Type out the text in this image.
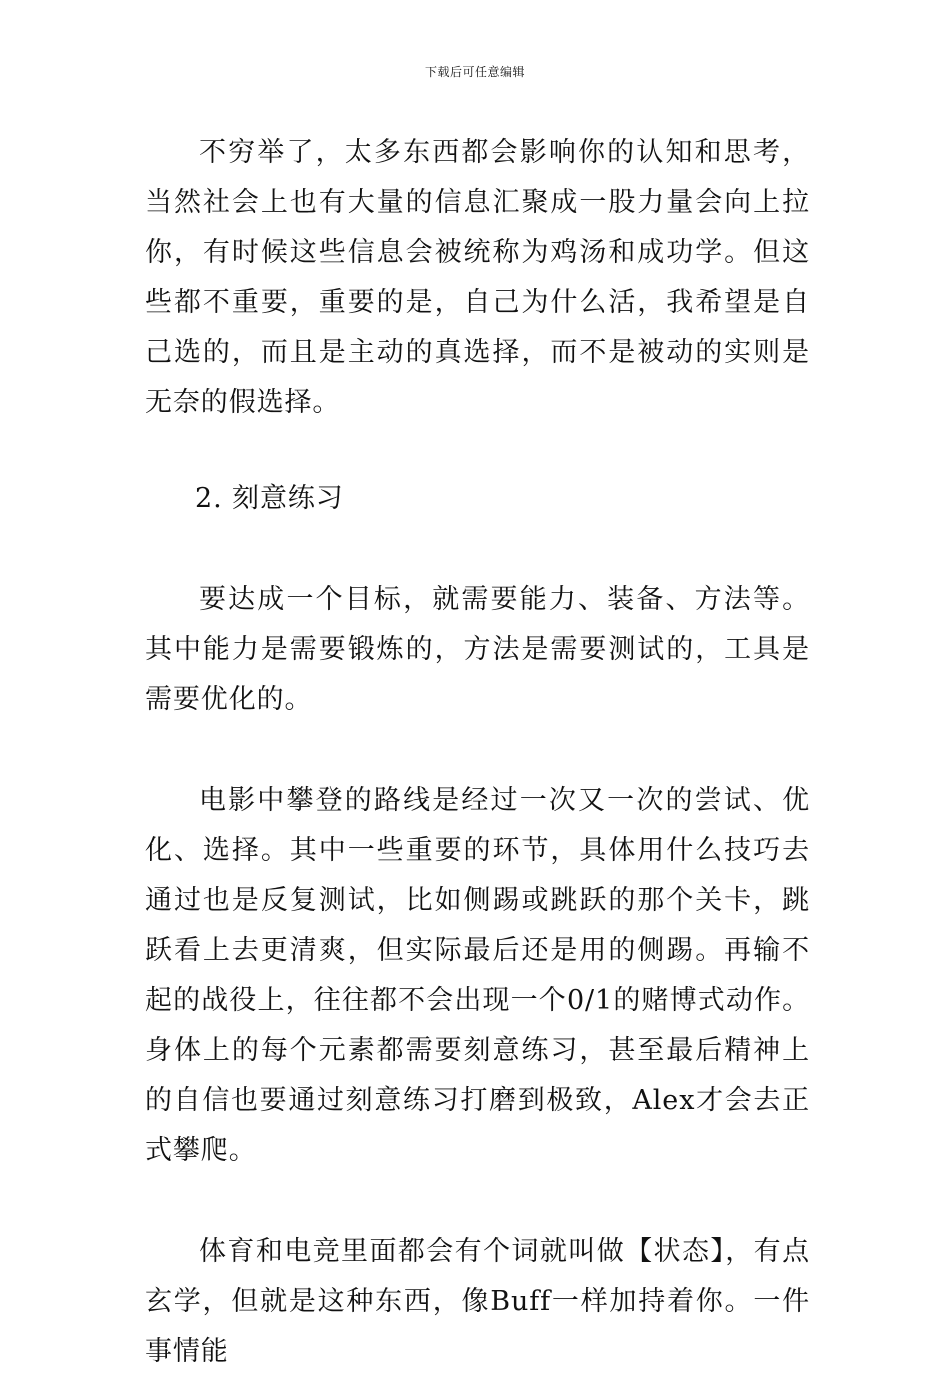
下载后可任意编辑

不穷举了，太多东西都会影响你的认知和思考，当然社会上也有大量的信息汇聚成一股力量会向上拉你，有时候这些信息会被统称为鸡汤和成功学。但这些都不重要，重要的是，自己为什么活，我希望是自己选的，而且是主动的真选择，而不是被动的实则是无奈的假选择。

2. 刻意练习

要达成一个目标，就需要能力、装备、方法等。其中能力是需要锻炼的，方法是需要测试的，工具是需要优化的。

电影中攀登的路线是经过一次又一次的尝试、优化、选择。其中一些重要的环节，具体用什么技巧去通过也是反复测试，比如侧踢或跳跃的那个关卡，跳跃看上去更清爽，但实际最后还是用的侧踢。再输不起的战役上，往往都不会出现一个0/1的赌博式动作。身体上的每个元素都需要刻意练习，甚至最后精神上的自信也要通过刻意练习打磨到极致，Alex才会去正式攀爬。

体育和电竞里面都会有个词就叫做【状态】，有点玄学，但就是这种东西，像Buff一样加持着你。一件事情能
